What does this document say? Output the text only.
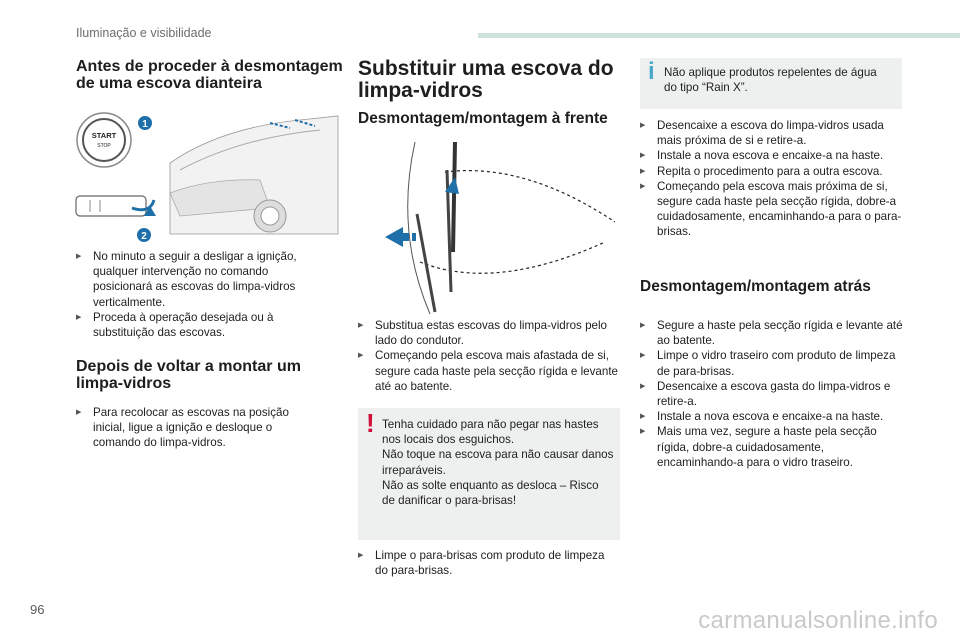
Iluminação e visibilidade
Antes de proceder à desmontagem de uma escova dianteira
START
STOP
1
2
▶ No minuto a seguir a desligar a ignição, qualquer intervenção no comando posicionará as escovas do limpa-vidros verticalmente.
▶ Proceda à operação desejada ou à substituição das escovas.
Depois de voltar a montar um limpa-vidros
▶ Para recolocar as escovas na posição inicial, ligue a ignição e desloque o comando do limpa-vidros.
Substituir uma escova do limpa-vidros
Desmontagem/montagem à frente
▶ Substitua estas escovas do limpa-vidros pelo lado do condutor.
▶ Começando pela escova mais afastada de si, segure cada haste pela secção rígida e levante até ao batente.
! Tenha cuidado para não pegar nas hastes nos locais dos esguichos.
Não toque na escova para não causar danos irreparáveis.
Não as solte enquanto as desloca – Risco de danificar o para-brisas!
▶ Limpe o para-brisas com produto de limpeza do para-brisas.
i Não aplique produtos repelentes de água do tipo “Rain X”.
▶ Desencaixe a escova do limpa-vidros usada mais próxima de si e retire-a.
▶ Instale a nova escova e encaixe-a na haste.
▶ Repita o procedimento para a outra escova.
▶ Começando pela escova mais próxima de si, segure cada haste pela secção rígida, dobre-a cuidadosamente, encaminhando-a para o para-brisas.
Desmontagem/montagem atrás
▶ Segure a haste pela secção rígida e levante até ao batente.
▶ Limpe o vidro traseiro com produto de limpeza de para-brisas.
▶ Desencaixe a escova gasta do limpa-vidros e retire-a.
▶ Instale a nova escova e encaixe-a na haste.
▶ Mais uma vez, segure a haste pela secção rígida, dobre-a cuidadosamente, encaminhando-a para o vidro traseiro.
96	carmanualsonline.info
